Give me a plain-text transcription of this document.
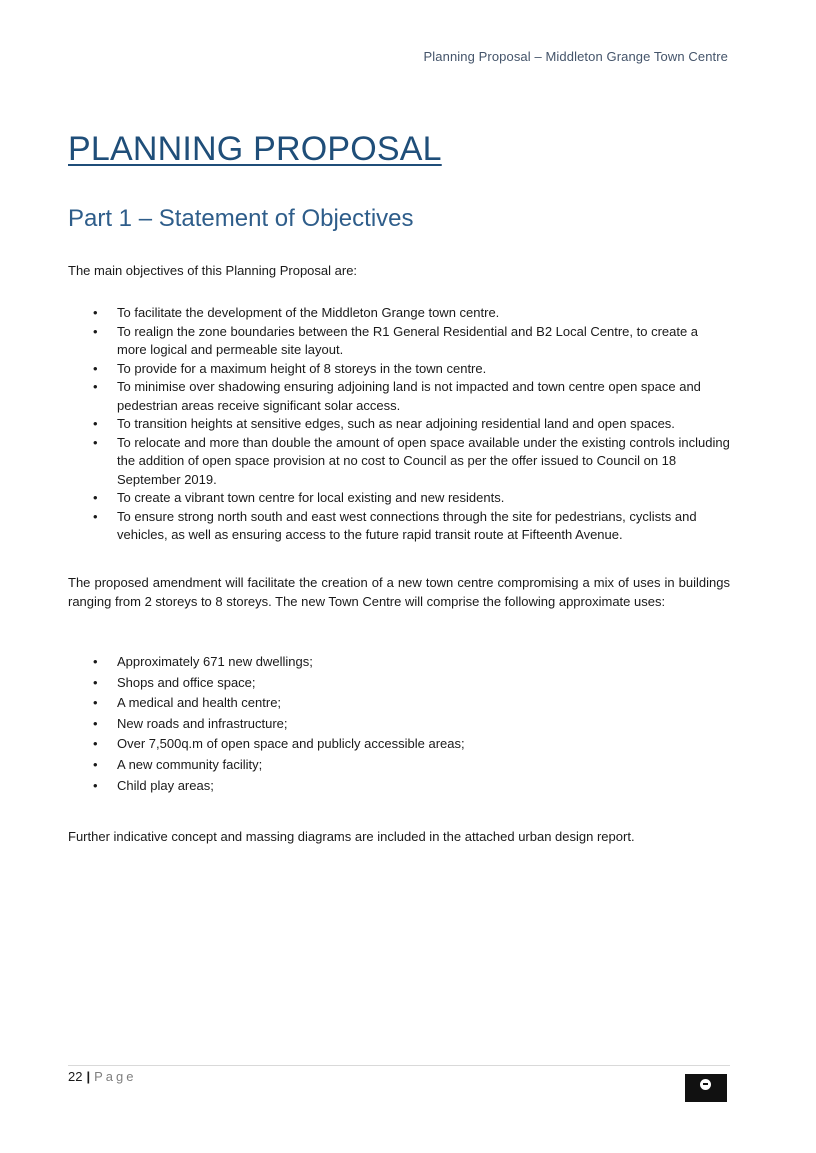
Planning Proposal – Middleton Grange Town Centre
PLANNING PROPOSAL
Part 1 – Statement of Objectives

The main objectives of this Planning Proposal are:

• To facilitate the development of the Middleton Grange town centre.
• To realign the zone boundaries between the R1 General Residential and B2 Local Centre, to create a more logical and permeable site layout.
• To provide for a maximum height of 8 storeys in the town centre.
• To minimise over shadowing ensuring adjoining land is not impacted and town centre open space and pedestrian areas receive significant solar access.
• To transition heights at sensitive edges, such as near adjoining residential land and open spaces.
• To relocate and more than double the amount of open space available under the existing controls including the addition of open space provision at no cost to Council as per the offer issued to Council on 18 September 2019.
• To create a vibrant town centre for local existing and new residents.
• To ensure strong north south and east west connections through the site for pedestrians, cyclists and vehicles, as well as ensuring access to the future rapid transit route at Fifteenth Avenue.

The proposed amendment will facilitate the creation of a new town centre compromising a mix of uses in buildings ranging from 2 storeys to 8 storeys. The new Town Centre will comprise the following approximate uses:

• Approximately 671 new dwellings;
• Shops and office space;
• A medical and health centre;
• New roads and infrastructure;
• Over 7,500q.m of open space and publicly accessible areas;
• A new community facility;
• Child play areas;

Further indicative concept and massing diagrams are included in the attached urban design report.

22 | Page
